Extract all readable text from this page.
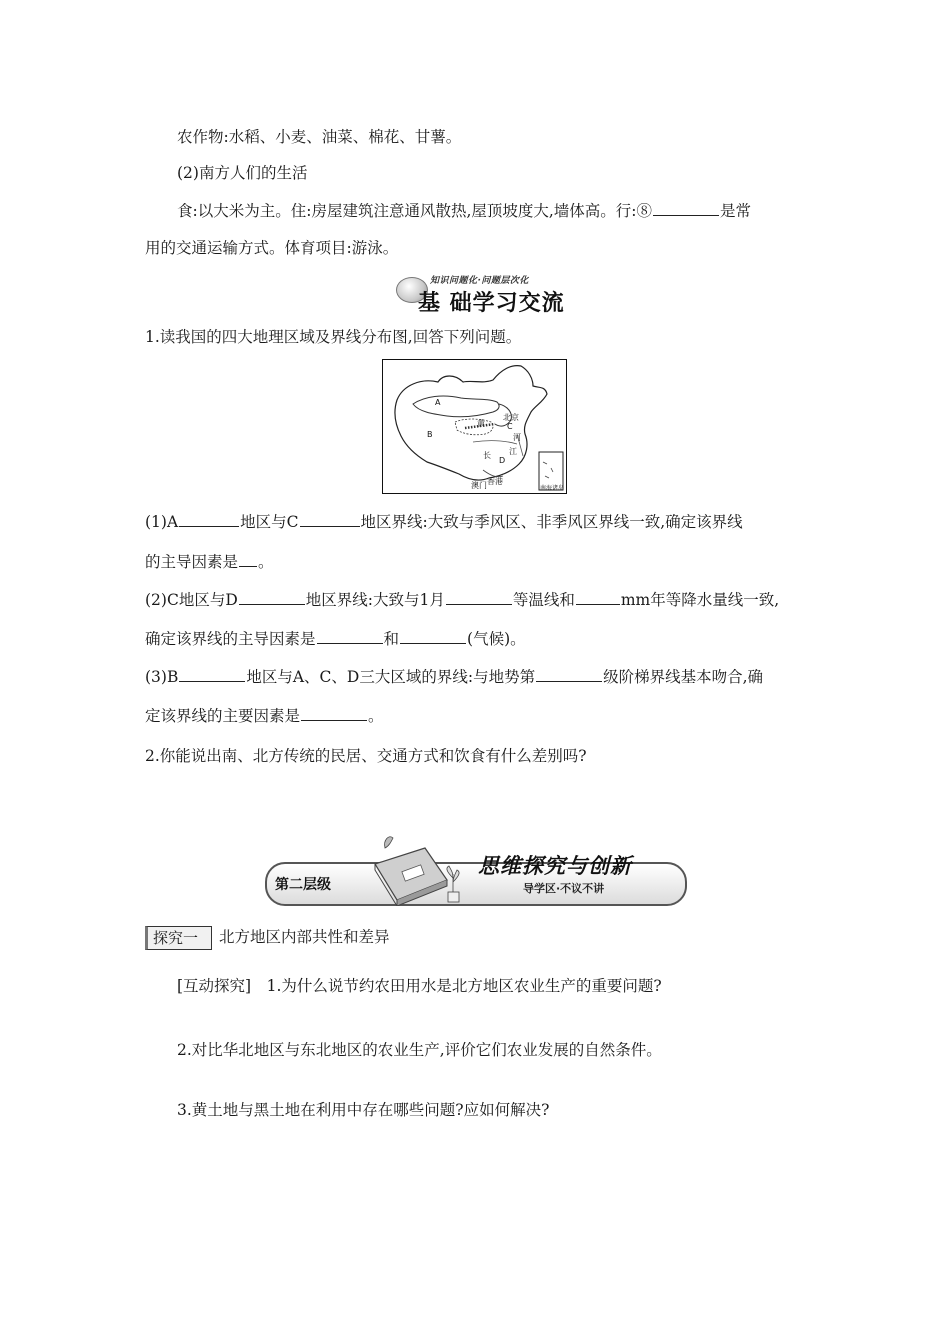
农作物:水稻、小麦、油菜、棉花、甘薯。
(2)南方人们的生活
食:以大米为主。住:房屋建筑注意通风散热,屋顶坡度大,墙体高。行:⑧	是常
用的交通运输方式。体育项目:游泳。
知识问题化·问题层次化
基 础学习交流
1.读我国的四大地理区域及界线分布图,回答下列问题。
A
B
北京
C
黄
河
长
D
江
香港
澳门	南海诸岛
(1)A	地区与C	地区界线:大致与季风区、非季风区界线一致,确定该界线
的主导因素是 。
(2)C地区与D	地区界线:大致与1月	等温线和	mm年等降水量线一致,
确定该界线的主导因素是	和	(气候)。
(3)B	地区与A、C、D三大区域的界线:与地势第	级阶梯界线基本吻合,确
定该界线的主要因素是	。
2.你能说出南、北方传统的民居、交通方式和饮食有什么差别吗?
第二层级
思维探究与创新
导学区·不议不讲
探究一	北方地区内部共性和差异
[互动探究]　1.为什么说节约农田用水是北方地区农业生产的重要问题?
2.对比华北地区与东北地区的农业生产,评价它们农业发展的自然条件。
3.黄土地与黑土地在利用中存在哪些问题?应如何解决?
